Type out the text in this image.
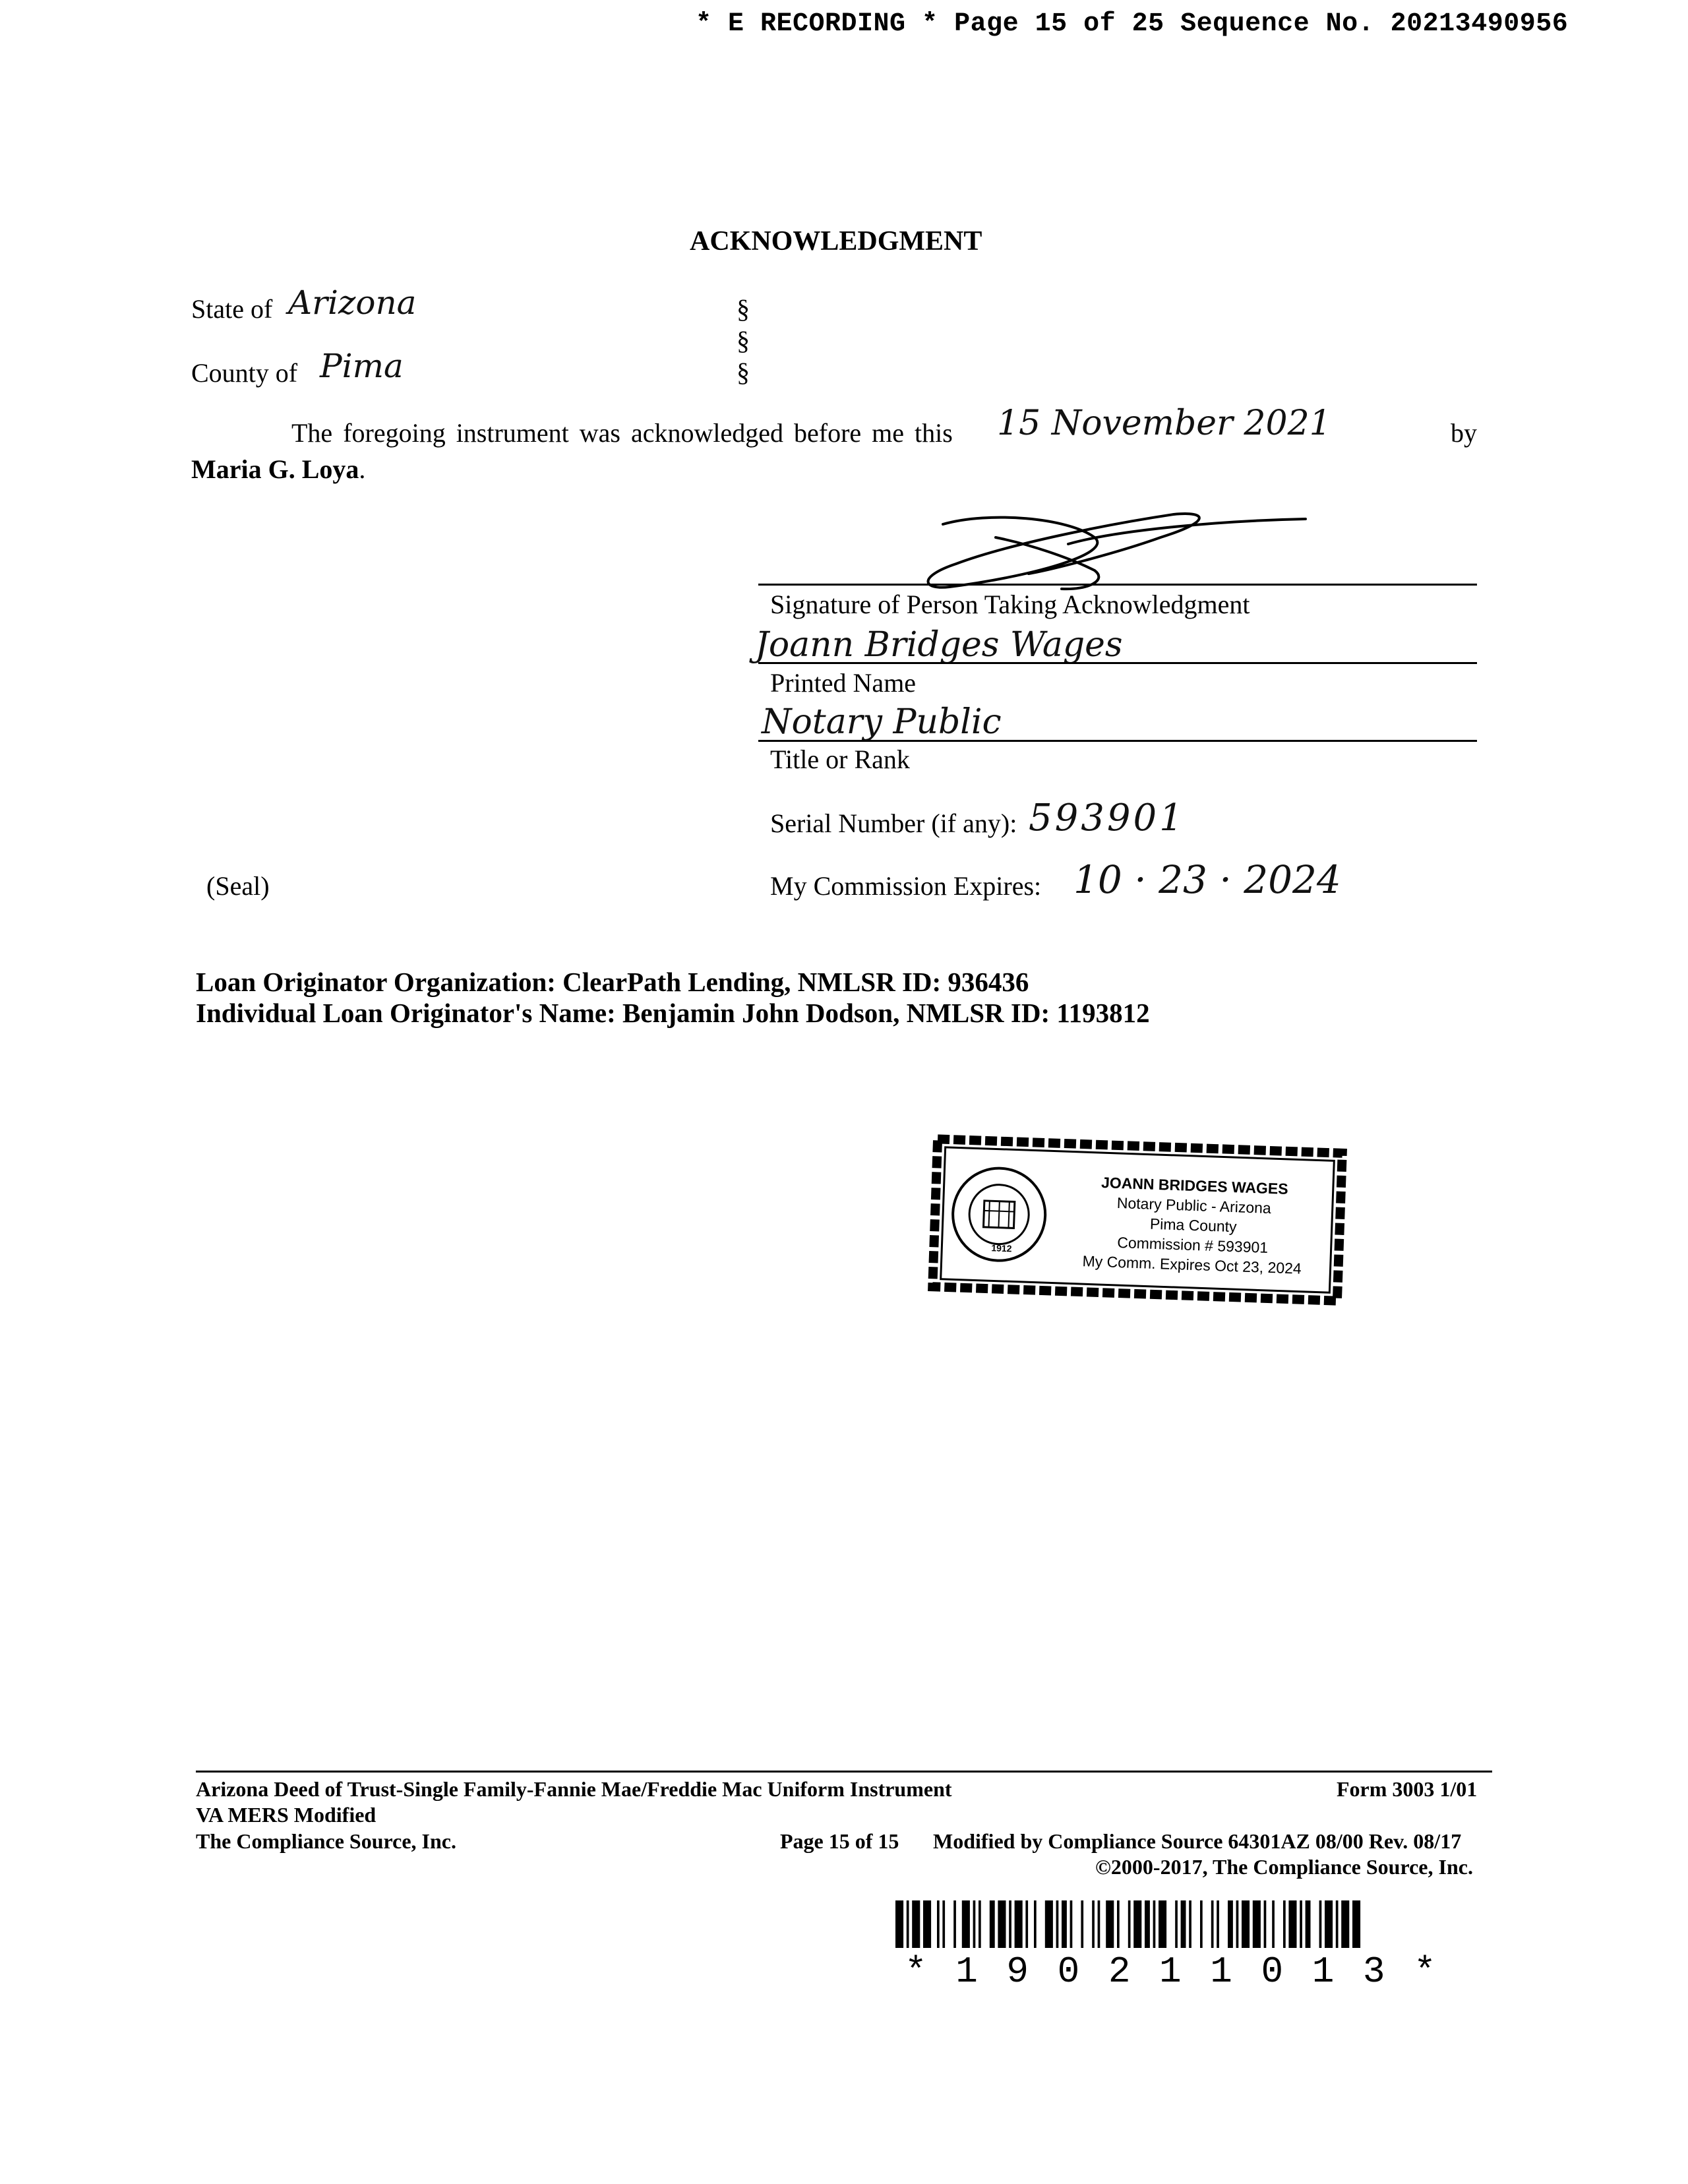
* E RECORDING * Page 15 of 25 Sequence No. 20213490956
ACKNOWLEDGMENT
State of Arizona
County of Pima
§
§
§
The foregoing instrument was acknowledged before me this 15 November 2021	by
Maria G. Loya.
Signature of Person Taking Acknowledgment
Joann Bridges Wages
Printed Name
Notary Public
Title or Rank
Serial Number (if any): 593901
(Seal)	My Commission Expires: 10 · 23 · 2024
Loan Originator Organization: ClearPath Lending, NMLSR ID: 936436
Individual Loan Originator's Name: Benjamin John Dodson, NMLSR ID: 1193812
1912
JOANN BRIDGES WAGES
Notary Public - Arizona
Pima County
Commission # 593901
My Comm. Expires Oct 23, 2024
Arizona Deed of Trust-Single Family-Fannie Mae/Freddie Mac Uniform Instrument	Form 3003 1/01
VA MERS Modified
The Compliance Source, Inc.	Page 15 of 15 Modified by Compliance Source 64301AZ 08/00 Rev. 08/17
©2000-2017, The Compliance Source, Inc.
* 1 9 0 2 1 1 0 1 3 *
